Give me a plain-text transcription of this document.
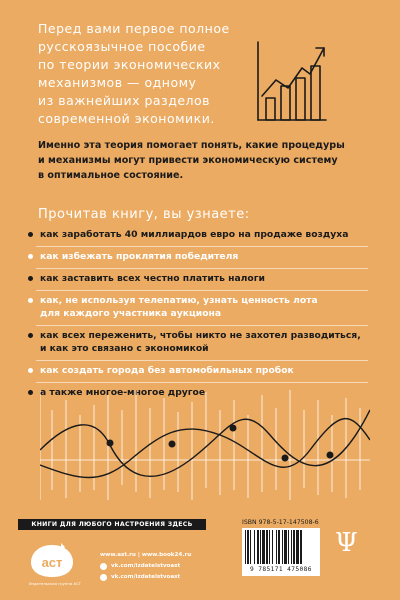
Перед вами первое полное
русскоязычное пособие
по теории экономических
механизмов — одному
из важнейших разделов
современной экономики.

Именно эта теория помогает понять, какие процедуры
и механизмы могут привести экономическую систему
в оптимальное состояние.

Прочитав книгу, вы узнаете:
как заработать 40 миллиардов евро на продаже воздуха
как избежать проклятия победителя
как заставить всех честно платить налоги
как, не используя телепатию, узнать ценность лота
для каждого участника аукциона
как всех переженить, чтобы никто не захотел разводиться,
и как это связано с экономикой
как создать города без автомобильных пробок
а также многое-многое другое
КНИГИ ДЛЯ ЛЮБОГО НАСТРОЕНИЯ ЗДЕСЬ
аст
Издательская группа АСТ
www.ast.ru | www.book24.ru
vk.com/izdatelstvoast
vk.com/izdatelstvoast
ISBN 978-5-17-147508-6
9 785171 475086
Ψ
